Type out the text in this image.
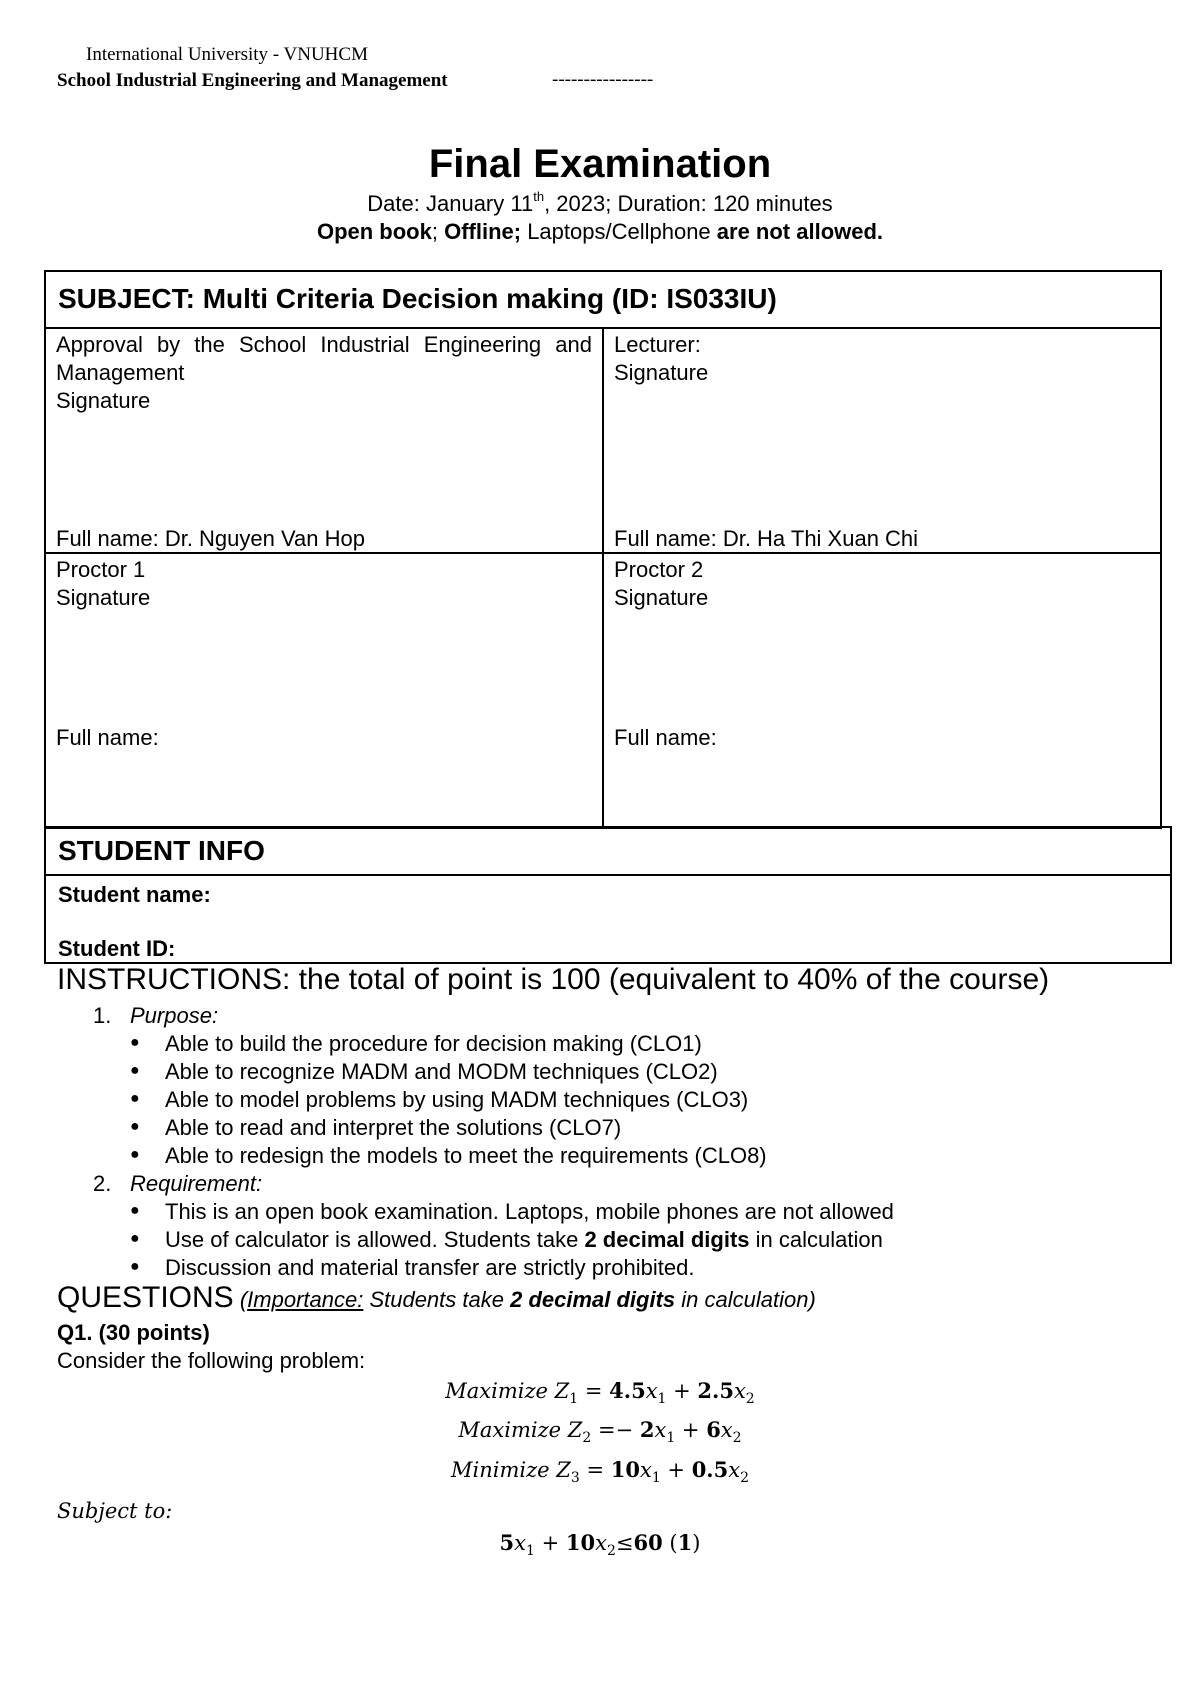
International University - VNUHCM
School Industrial Engineering and Management	----------------
Final Examination
Date: January 11th, 2023; Duration: 120 minutes
Open book; Offline; Laptops/Cellphone are not allowed.
SUBJECT: Multi Criteria Decision making (ID: IS033IU)
Approval by the School Industrial Engineering and Management
Signature
Full name: Dr. Nguyen Van Hop
Lecturer:
Signature
Full name: Dr. Ha Thi Xuan Chi
Proctor 1
Signature
Full name:
Proctor 2
Signature
Full name:
STUDENT INFO
Student name:
Student ID:
INSTRUCTIONS: the total of point is 100 (equivalent to 40% of the course)
1. Purpose:
● Able to build the procedure for decision making (CLO1)
● Able to recognize MADM and MODM techniques (CLO2)
● Able to model problems by using MADM techniques (CLO3)
● Able to read and interpret the solutions (CLO7)
● Able to redesign the models to meet the requirements (CLO8)
2. Requirement:
● This is an open book examination. Laptops, mobile phones are not allowed
● Use of calculator is allowed. Students take 2 decimal digits in calculation
● Discussion and material transfer are strictly prohibited.
QUESTIONS (Importance: Students take 2 decimal digits in calculation)
Q1. (30 points)
Consider the following problem:
Maximize $Z_1 = 4.5x_1 + 2.5x_2$
Maximize $Z_2 =- 2x_1 + 6x_2$
Minimize $Z_3 = 10x_1 + 0.5x_2$
Subject to:
$5x_1 + 10x_2\le 60$ (1)
